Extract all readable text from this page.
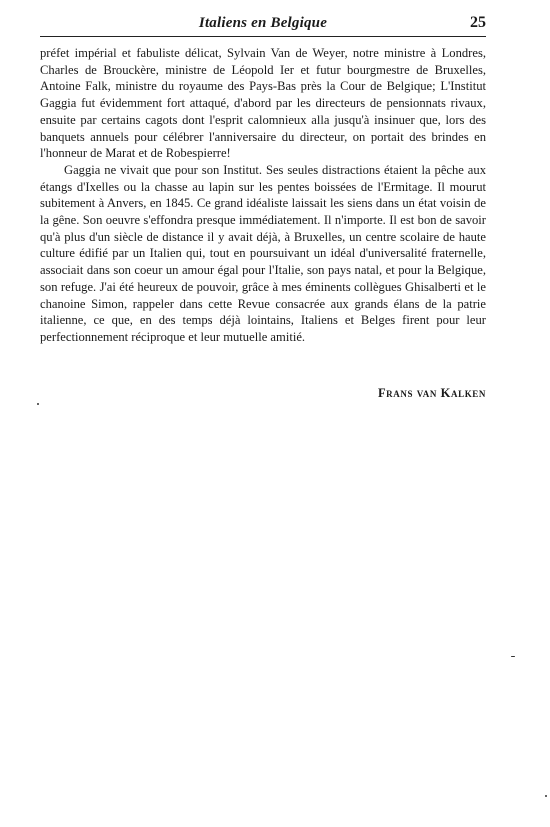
Italiens en Belgique	25

préfet impérial et fabuliste délicat, Sylvain Van de Weyer, notre ministre à Londres, Charles de Brouckère, ministre de Léopold Ier et futur bourgmestre de Bruxelles, Antoine Falk, ministre du royaume des Pays-Bas près la Cour de Belgique; L'Institut Gaggia fut évidemment fort attaqué, d'abord par les directeurs de pensionnats rivaux, ensuite par certains cagots dont l'esprit calomnieux alla jusqu'à insinuer que, lors des banquets annuels pour célébrer l'anniversaire du directeur, on portait des brindes en l'honneur de Marat et de Robespierre!

Gaggia ne vivait que pour son Institut. Ses seules distractions étaient la pêche aux étangs d'Ixelles ou la chasse au lapin sur les pentes boissées de l'Ermitage. Il mourut subitement à Anvers, en 1845. Ce grand idéaliste laissait les siens dans un état voisin de la gêne. Son oeuvre s'effondra presque immédiatement. Il n'importe. Il est bon de savoir qu'à plus d'un siècle de distance il y avait déjà, à Bruxelles, un centre scolaire de haute culture édifié par un Italien qui, tout en poursuivant un idéal d'universalité fraternelle, associait dans son coeur un amour égal pour l'Italie, son pays natal, et pour la Belgique, son refuge. J'ai été heureux de pouvoir, grâce à mes éminents collègues Ghisalberti et le chanoine Simon, rappeler dans cette Revue consacrée aux grands élans de la patrie italienne, ce que, en des temps déjà lointains, Italiens et Belges firent pour leur perfectionnement réciproque et leur mutuelle amitié.

Frans van Kalken
